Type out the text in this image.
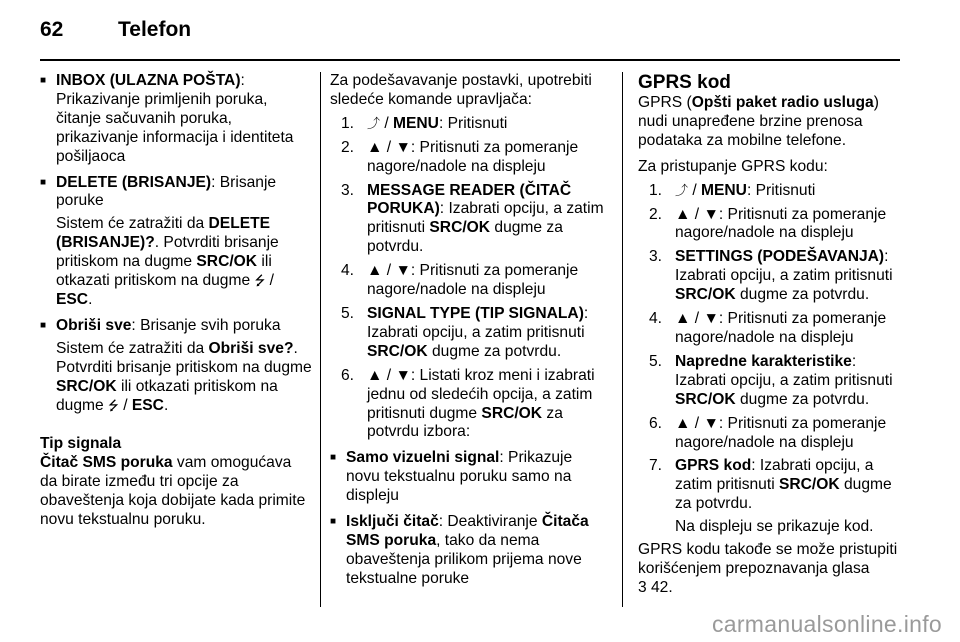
62	Telefon
■ INBOX (ULAZNA POŠTA):
Prikazivanje primljenih poruka, čitanje sačuvanih poruka, prikazivanje informacija i identiteta pošiljaoca
■ DELETE (BRISANJE): Brisanje poruke

Sistem će zatražiti da DELETE (BRISANJE)?. Potvrditi brisanje pritiskom na dugme SRC/OK ili otkazati pritiskom na dugme ⭍ /
ESC.

■ Obriši sve: Brisanje svih poruka

Sistem će zatražiti da Obriši sve?. Potvrditi brisanje pritiskom na dugme SRC/OK ili otkazati pritiskom na dugme ⭍ / ESC.

Tip signala

Čitač SMS poruka vam omogućava da birate između tri opcije za obaveštenja koja dobijate kada primite novu tekstualnu poruku.

Za podešavavanje postavki, upotrebiti sledeće komande upravljača:

1. ⤴ / MENU: Pritisnuti
2. ▲ / ▼: Pritisnuti za pomeranje nagore/nadole na displeju
3. MESSAGE READER (ČITAČ PORUKA): Izabrati opciju, a zatim pritisnuti SRC/OK dugme za potvrdu.
4. ▲ / ▼: Pritisnuti za pomeranje nagore/nadole na displeju
5. SIGNAL TYPE (TIP SIGNALA): Izabrati opciju, a zatim pritisnuti SRC/OK dugme za potvrdu.
6. ▲ / ▼: Listati kroz meni i izabrati jednu od sledećih opcija, a zatim pritisnuti dugme SRC/OK za potvrdu izbora:
■ Samo vizuelni signal: Prikazuje novu tekstualnu poruku samo na displeju
■ Isključi čitač: Deaktiviranje Čitača SMS poruka, tako da nema obaveštenja prilikom prijema nove tekstualne poruke

GPRS kod

GPRS (Opšti paket radio usluga) nudi unapređene brzine prenosa podataka za mobilne telefone.

Za pristupanje GPRS kodu:

1. ⤴ / MENU: Pritisnuti
2. ▲ / ▼: Pritisnuti za pomeranje nagore/nadole na displeju
3. SETTINGS (PODEŠAVANJA): Izabrati opciju, a zatim pritisnuti SRC/OK dugme za potvrdu.
4. ▲ / ▼: Pritisnuti za pomeranje nagore/nadole na displeju
5. Napredne karakteristike: Izabrati opciju, a zatim pritisnuti SRC/OK dugme za potvrdu.
6. ▲ / ▼: Pritisnuti za pomeranje nagore/nadole na displeju
7. GPRS kod: Izabrati opciju, a zatim pritisnuti SRC/OK dugme za potvrdu.

Na displeju se prikazuje kod.

GPRS kodu takođe se može pristupiti korišćenjem prepoznavanja glasa

3 42.

carmanualsonline.info
